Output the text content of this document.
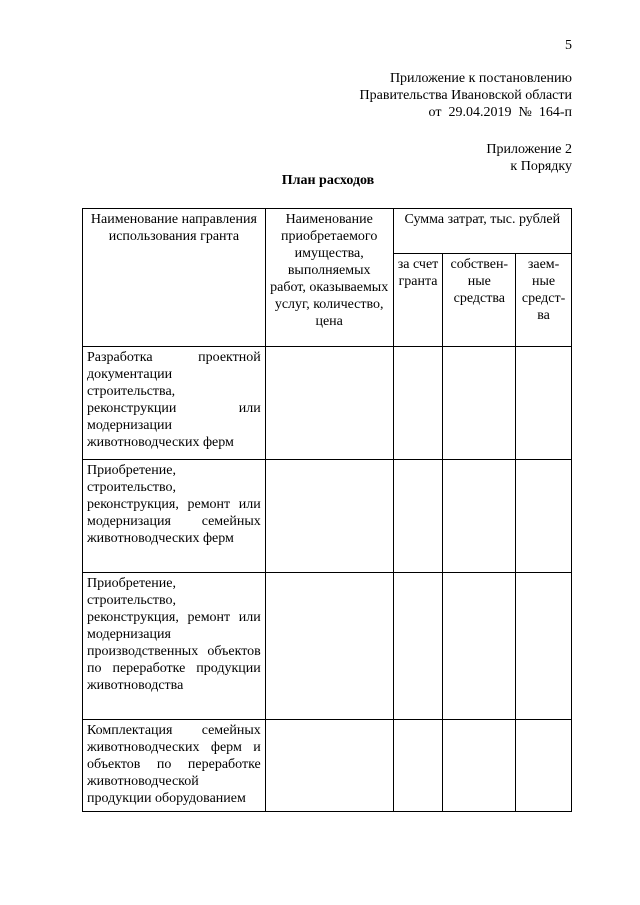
5
Приложение к постановлению
Правительства Ивановской области
от  29.04.2019  №  164-п
Приложение 2
к Порядку
План расходов
Наименование направления использования гранта	Наименование приобретаемого имущества, выполняемых работ, оказываемых услуг, количество, цена	Сумма затрат, тыс. рублей		
		за счет гранта	собствен-ные средства	заем-ные средст-ва
Разработка проектной документации строительства, реконструкции или модернизации животноводческих ферм				
Приобретение, строительство, реконструкция, ремонт или модернизация семейных животноводческих ферм				
Приобретение, строительство, реконструкция, ремонт или модернизация производственных объектов по переработке продукции животноводства				
Комплектация семейных животноводческих ферм и объектов по переработке животноводческой продукции оборудованием				
